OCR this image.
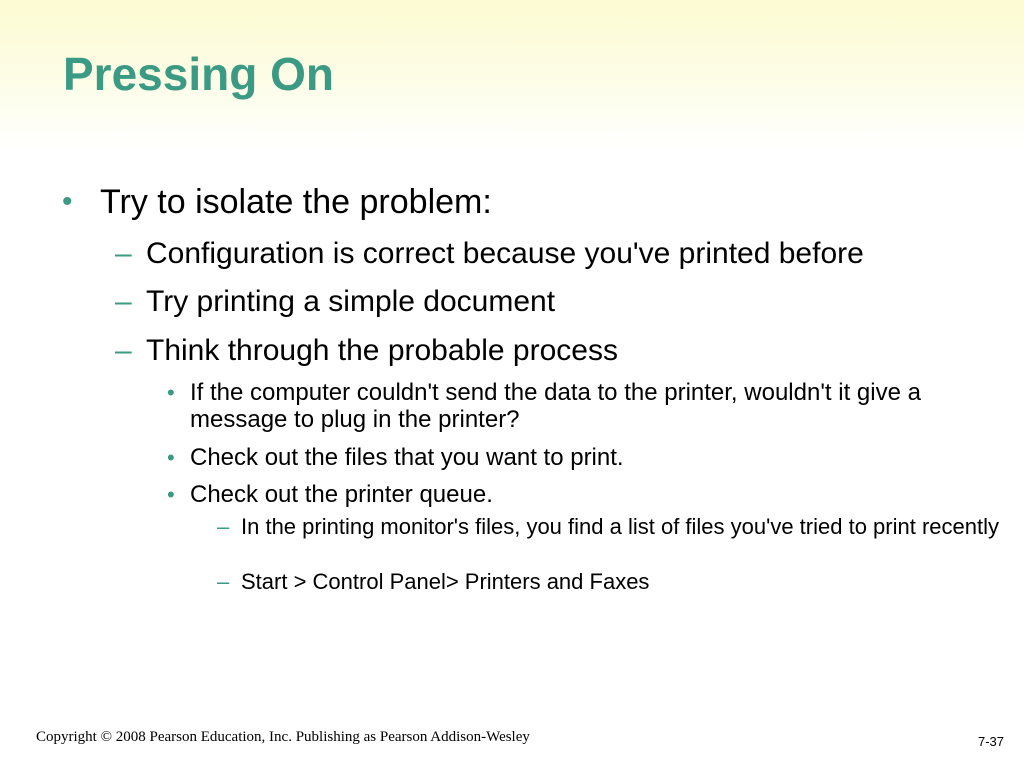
Pressing On
• Try to isolate the problem:
– Configuration is correct because you've printed before
– Try printing a simple document
– Think through the probable process
• If the computer couldn't send the data to the printer, wouldn't it give a message to plug in the printer?
• Check out the files that you want to print.
• Check out the printer queue.
– In the printing monitor's files, you find a list of files you've tried to print recently
– Start > Control Panel> Printers and Faxes
Copyright © 2008 Pearson Education, Inc. Publishing as Pearson Addison-Wesley	7-37
